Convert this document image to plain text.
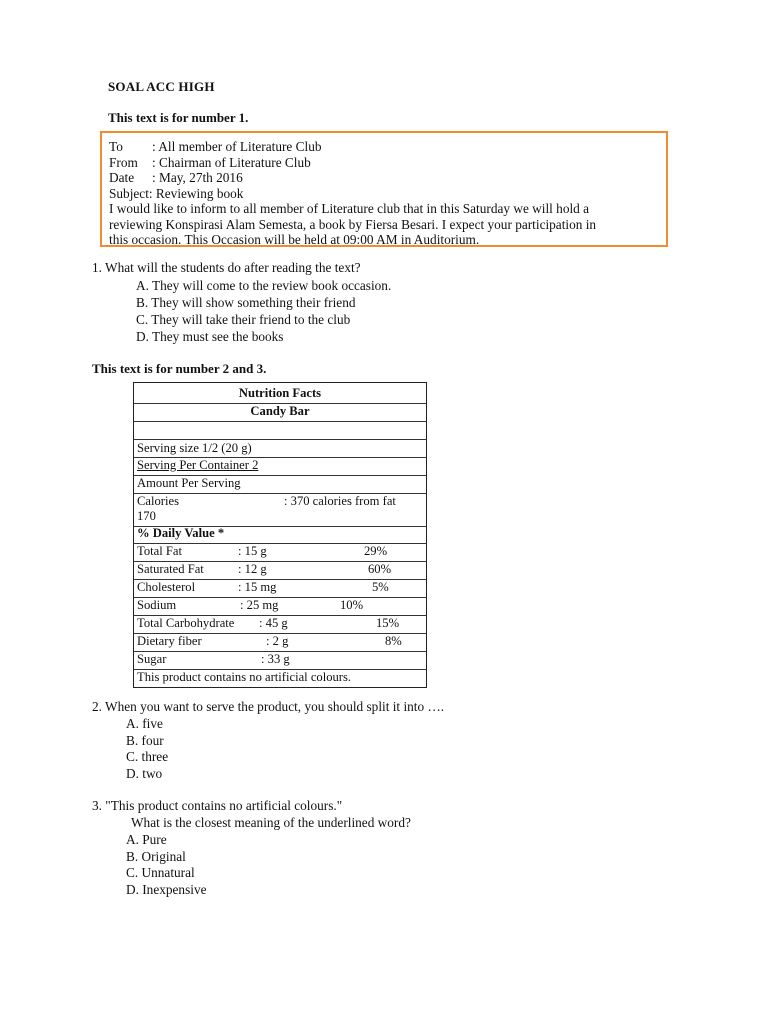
SOAL ACC HIGH
This text is for number 1.
To : All member of Literature Club
From : Chairman of Literature Club
Date : May, 27th 2016
Subject: Reviewing book
I would like to inform to all member of Literature club that in this Saturday we will hold a
reviewing Konspirasi Alam Semesta, a book by Fiersa Besari. I expect your participation in
this occasion. This Occasion will be held at 09:00 AM in Auditorium.
1. What will the students do after reading the text?
A. They will come to the review book occasion.
B. They will show something their friend
C. They will take their friend to the club
D. They must see the books
This text is for number 2 and 3.
Nutrition Facts
Candy Bar
Serving size 1/2 (20 g)
Serving Per Container 2
Amount Per Serving
Calories	: 370 calories from fat
170
% Daily Value *
Total Fat	: 15 g	29%
Saturated Fat	: 12 g	60%
Cholesterol	: 15 mg	5%
Sodium	: 25 mg	10%
Total Carbohydrate : 45 g	15%
Dietary fiber	: 2 g	8%
Sugar	: 33 g
This product contains no artificial colours.
2. When you want to serve the product, you should split it into ….
A. five
B. four
C. three
D. two
3. "This product contains no artificial colours."
What is the closest meaning of the underlined word?
A. Pure
B. Original
C. Unnatural
D. Inexpensive
